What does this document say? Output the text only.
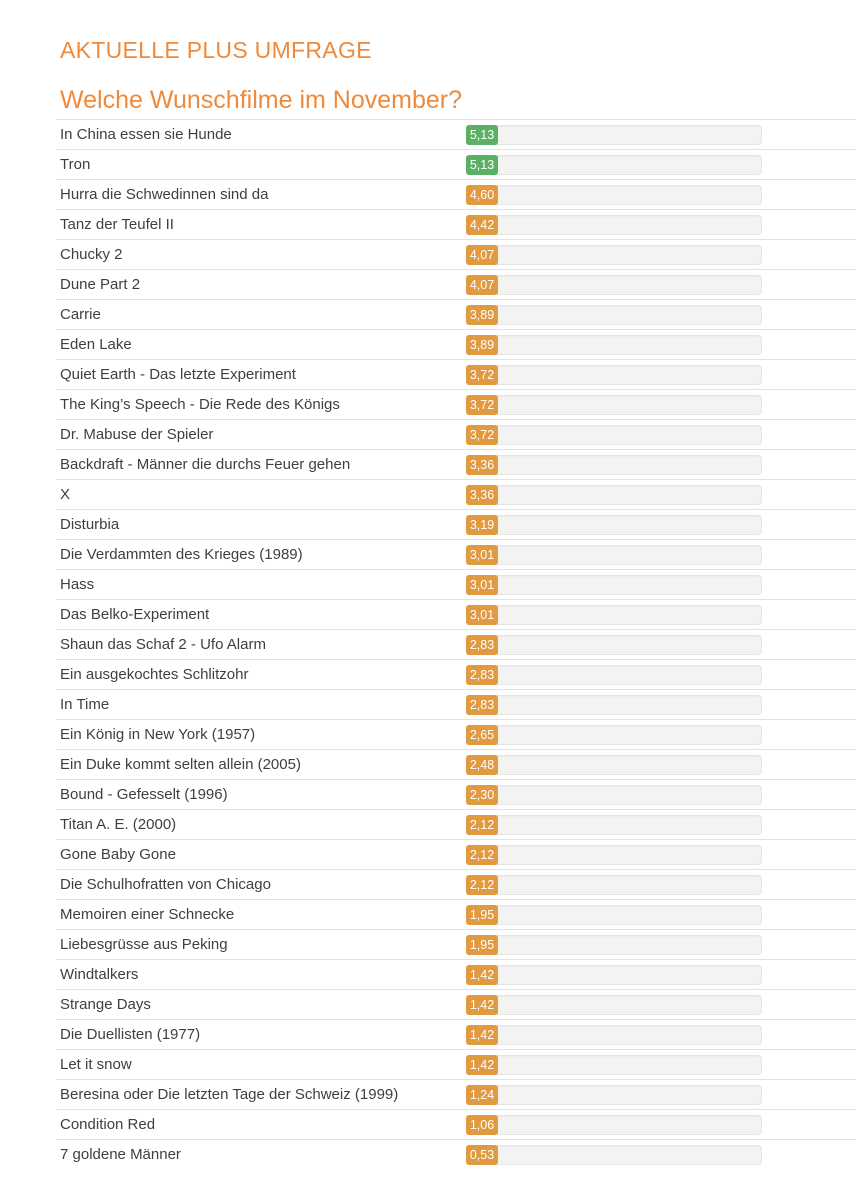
AKTUELLE PLUS UMFRAGE
Welche Wunschfilme im November?
In China essen sie Hunde	5,13
Tron	5,13
Hurra die Schwedinnen sind da	4,60
Tanz der Teufel II	4,42
Chucky 2	4,07
Dune Part 2	4,07
Carrie	3,89
Eden Lake	3,89
Quiet Earth - Das letzte Experiment	3,72
The King’s Speech - Die Rede des Königs	3,72
Dr. Mabuse der Spieler	3,72
Backdraft - Männer die durchs Feuer gehen	3,36
X	3,36
Disturbia	3,19
Die Verdammten des Krieges (1989)	3,01
Hass	3,01
Das Belko-Experiment	3,01
Shaun das Schaf 2 - Ufo Alarm	2,83
Ein ausgekochtes Schlitzohr	2,83
In Time	2,83
Ein König in New York (1957)	2,65
Ein Duke kommt selten allein (2005)	2,48
Bound - Gefesselt (1996)	2,30
Titan A. E. (2000)	2,12
Gone Baby Gone	2,12
Die Schulhofratten von Chicago	2,12
Memoiren einer Schnecke	1,95
Liebesgrüsse aus Peking	1,95
Windtalkers	1,42
Strange Days	1,42
Die Duellisten (1977)	1,42
Let it snow	1,42
Beresina oder Die letzten Tage der Schweiz (1999)	1,24
Condition Red	1,06
7 goldene Männer	0,53
